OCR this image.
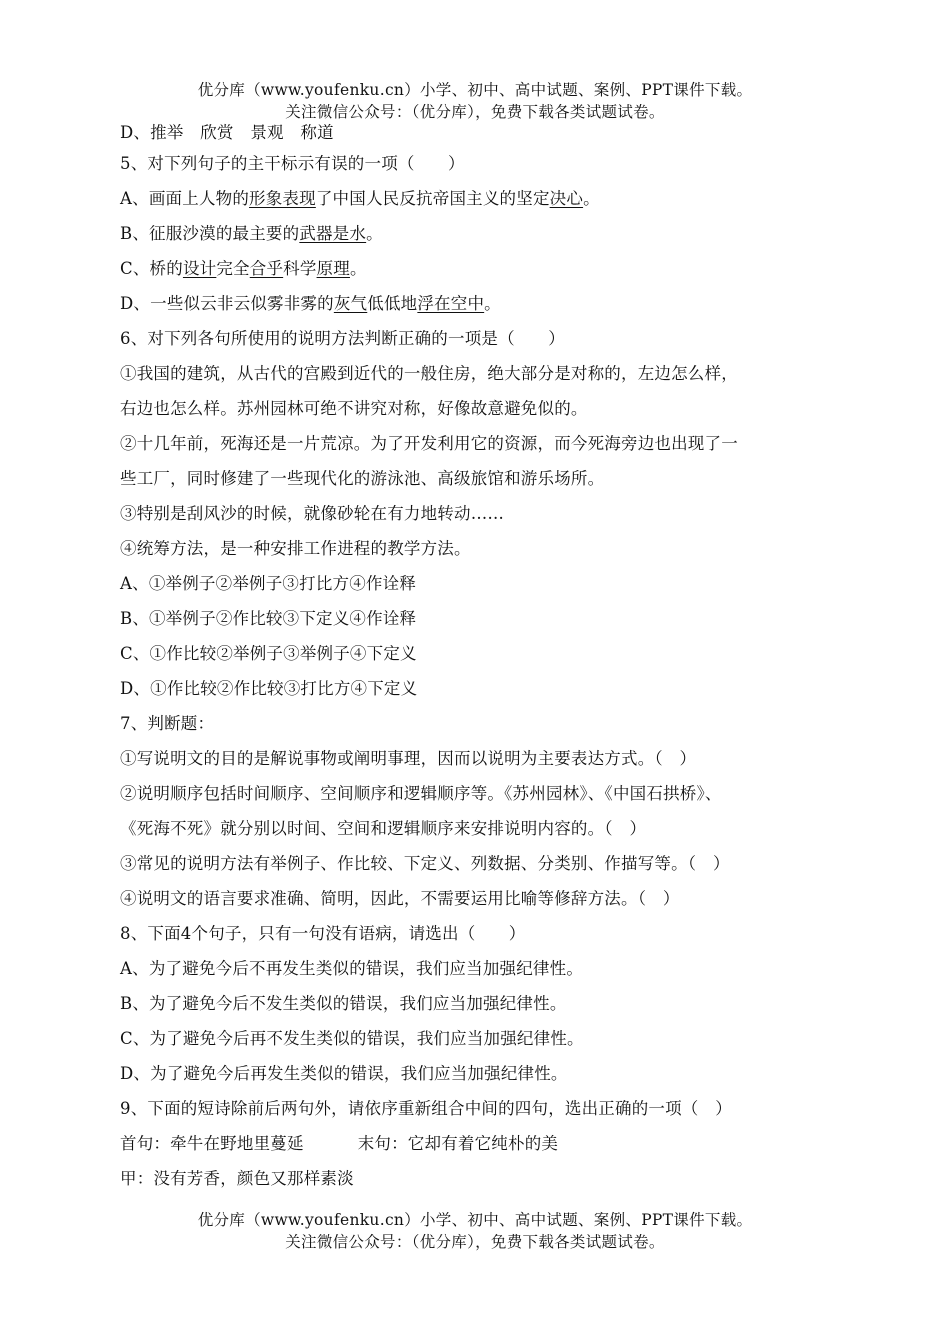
优分库（www.youfenku.cn）小学、初中、高中试题、案例、PPT课件下载。
关注微信公众号：（优分库），免费下载各类试题试卷。
D、推举　欣赏　景观　称道
5、对下列句子的主干标示有误的一项（　　）
A、画面上人物的形象表现了中国人民反抗帝国主义的坚定决心。
B、征服沙漠的最主要的武器是水。
C、桥的设计完全合乎科学原理。
D、一些似云非云似雾非雾的灰气低低地浮在空中。
6、对下列各句所使用的说明方法判断正确的一项是（　　）
①我国的建筑，从古代的宫殿到近代的一般住房，绝大部分是对称的，左边怎么样，
右边也怎么样。苏州园林可绝不讲究对称，好像故意避免似的。
②十几年前，死海还是一片荒凉。为了开发利用它的资源，而今死海旁边也出现了一
些工厂，同时修建了一些现代化的游泳池、高级旅馆和游乐场所。
③特别是刮风沙的时候，就像砂轮在有力地转动……
④统筹方法，是一种安排工作进程的教学方法。
A、①举例子②举例子③打比方④作诠释
B、①举例子②作比较③下定义④作诠释
C、①作比较②举例子③举例子④下定义
D、①作比较②作比较③打比方④下定义
7、判断题：
①写说明文的目的是解说事物或阐明事理，因而以说明为主要表达方式。（　）
②说明顺序包括时间顺序、空间顺序和逻辑顺序等。《苏州园林》、《中国石拱桥》、
《死海不死》就分别以时间、空间和逻辑顺序来安排说明内容的。（　）
③常见的说明方法有举例子、作比较、下定义、列数据、分类别、作描写等。（　）
④说明文的语言要求准确、简明，因此，不需要运用比喻等修辞方法。（　）
8、下面4个句子，只有一句没有语病，请选出（　　）
A、为了避免今后不再发生类似的错误，我们应当加强纪律性。
B、为了避免今后不发生类似的错误，我们应当加强纪律性。
C、为了避免今后再不发生类似的错误，我们应当加强纪律性。
D、为了避免今后再发生类似的错误，我们应当加强纪律性。
9、下面的短诗除前后两句外，请依序重新组合中间的四句，选出正确的一项（　）
首句：牵牛在野地里蔓延	末句：它却有着它纯朴的美
甲：没有芳香，颜色又那样素淡
优分库（www.youfenku.cn）小学、初中、高中试题、案例、PPT课件下载。
关注微信公众号：（优分库），免费下载各类试题试卷。
